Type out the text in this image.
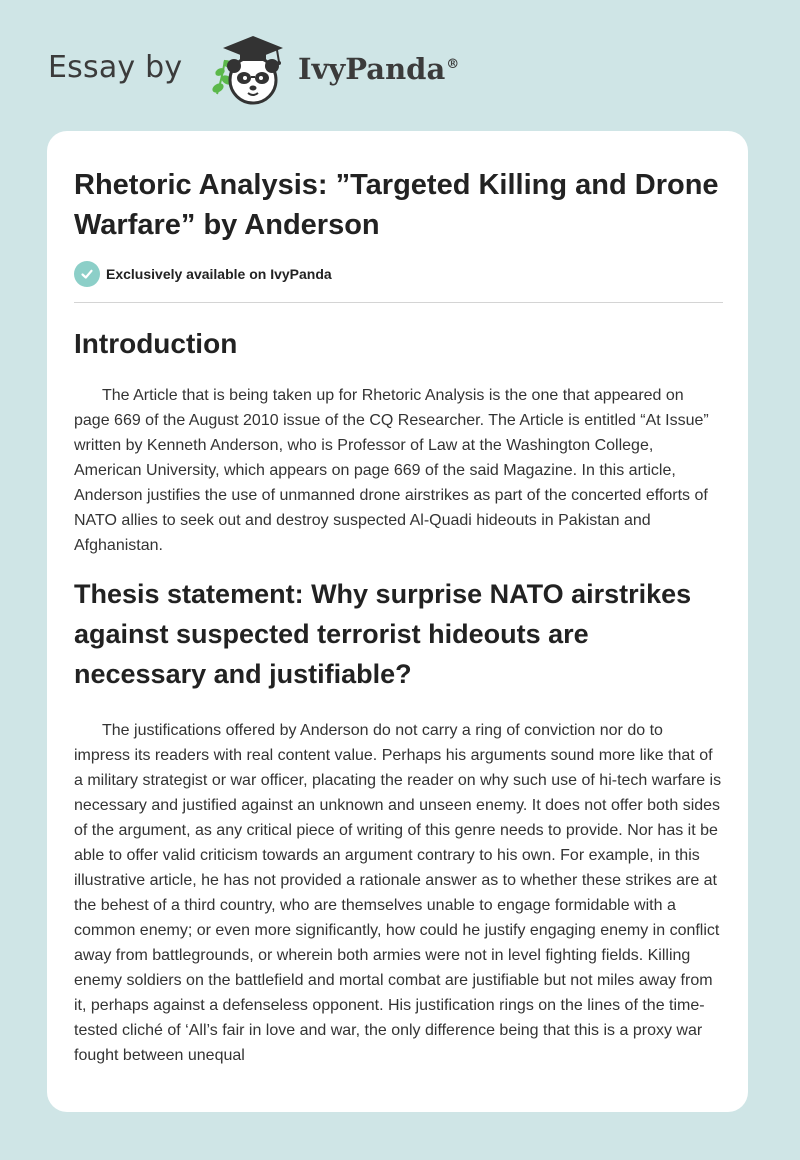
Essay by	IvyPanda®
Rhetoric Analysis: ”Targeted Killing and Drone Warfare” by Anderson
Exclusively available on IvyPanda
Introduction

The Article that is being taken up for Rhetoric Analysis is the one that appeared on page 669 of the August 2010 issue of the CQ Researcher. The Article is entitled “At Issue” written by Kenneth Anderson, who is Professor of Law at the Washington College, American University, which appears on page 669 of the said Magazine. In this article, Anderson justifies the use of unmanned drone airstrikes as part of the concerted efforts of NATO allies to seek out and destroy suspected Al-Quadi hideouts in Pakistan and Afghanistan.

Thesis statement: Why surprise NATO airstrikes against suspected terrorist hideouts are necessary and justifiable?

The justifications offered by Anderson do not carry a ring of conviction nor do to impress its readers with real content value. Perhaps his arguments sound more like that of a military strategist or war officer, placating the reader on why such use of hi-tech warfare is necessary and justified against an unknown and unseen enemy. It does not offer both sides of the argument, as any critical piece of writing of this genre needs to provide. Nor has it be able to offer valid criticism towards an argument contrary to his own. For example, in this illustrative article, he has not provided a rationale answer as to whether these strikes are at the behest of a third country, who are themselves unable to engage formidable with a common enemy; or even more significantly, how could he justify engaging enemy in conflict away from battlegrounds, or wherein both armies were not in level fighting fields. Killing enemy soldiers on the battlefield and mortal combat are justifiable but not miles away from it, perhaps against a defenseless opponent. His justification rings on the lines of the time-tested cliché of ‘All’s fair in love and war, the only difference being that this is a proxy war fought between unequal
